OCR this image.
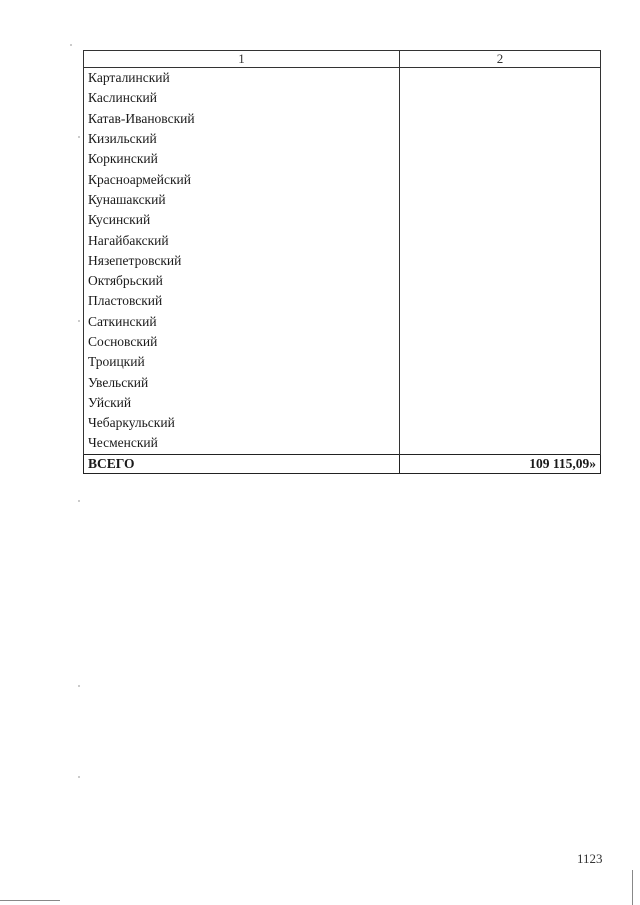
1	2
Карталинский	
Каслинский	
Катав-Ивановский	
Кизильский	
Коркинский	
Красноармейский	
Кунашакский	
Кусинский	
Нагайбакский	
Нязепетровский	
Октябрьский	
Пластовский	
Саткинский	
Сосновский	
Троицкий	
Увельский	
Уйский	
Чебаркульский	
Чесменский	
ВСЕГО	109 115,09»
1123
